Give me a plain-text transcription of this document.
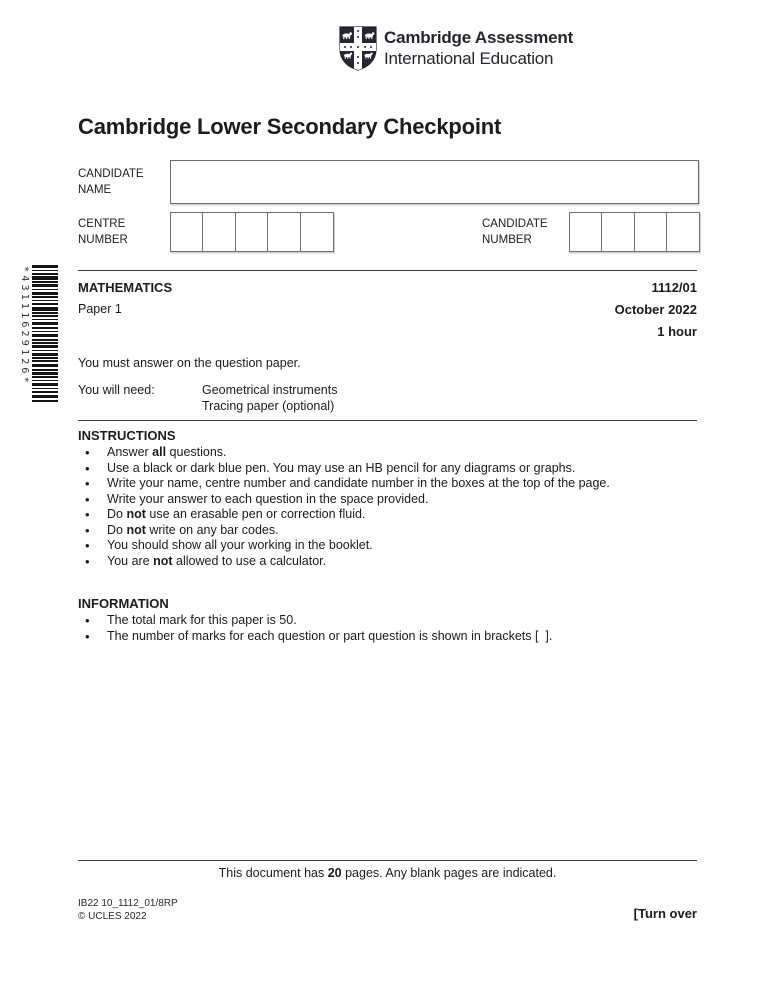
Cambridge Assessment
International Education
Cambridge Lower Secondary Checkpoint
CANDIDATE
NAME
CENTRE
NUMBER
CANDIDATE
NUMBER
*43111629126*	MATHEMATICS	1112/01
Paper 1	October 2022
1 hour
You must answer on the question paper.
You will need:	Geometrical instruments
Tracing paper (optional)
INSTRUCTIONS
• Answer all questions.
• Use a black or dark blue pen. You may use an HB pencil for any diagrams or graphs.
• Write your name, centre number and candidate number in the boxes at the top of the page.
• Write your answer to each question in the space provided.
• Do not use an erasable pen or correction fluid.
• Do not write on any bar codes.
• You should show all your working in the booklet.
• You are not allowed to use a calculator.
INFORMATION
• The total mark for this paper is 50.
• The number of marks for each question or part question is shown in brackets [  ].
This document has 20 pages. Any blank pages are indicated.
IB22 10_1112_01/8RP
© UCLES 2022	[Turn over
